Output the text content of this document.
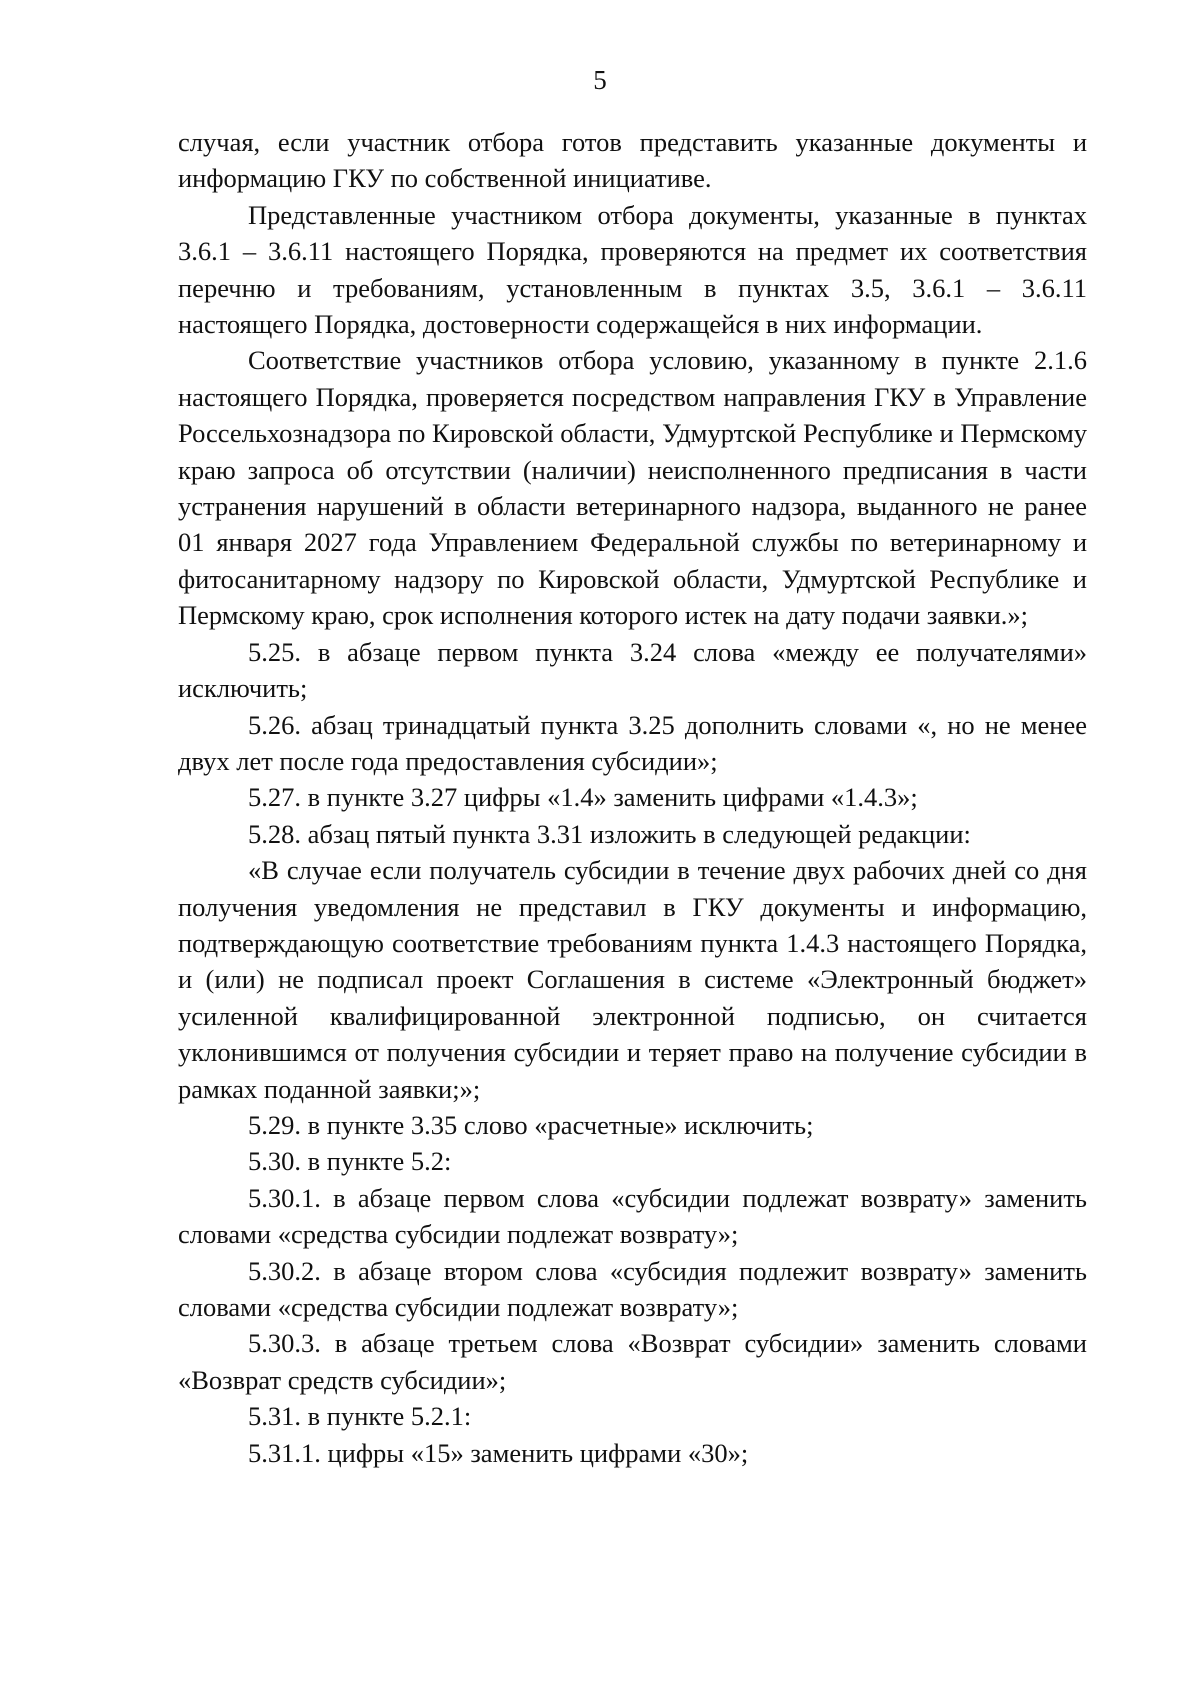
5

случая, если участник отбора готов представить указанные документы и информацию ГКУ по собственной инициативе.

Представленные участником отбора документы, указанные в пунктах 3.6.1 – 3.6.11 настоящего Порядка, проверяются на предмет их соответствия перечню и требованиям, установленным в пунктах 3.5, 3.6.1 – 3.6.11 настоящего Порядка, достоверности содержащейся в них информации.

Соответствие участников отбора условию, указанному в пункте 2.1.6 настоящего Порядка, проверяется посредством направления ГКУ в Управление Россельхознадзора по Кировской области, Удмуртской Республике и Пермскому краю запроса об отсутствии (наличии) неисполненного предписания в части устранения нарушений в области ветеринарного надзора, выданного не ранее 01 января 2027 года Управлением Федеральной службы по ветеринарному и фитосанитарному надзору по Кировской области, Удмуртской Республике и Пермскому краю, срок исполнения которого истек на дату подачи заявки.»;

5.25. в абзаце первом пункта 3.24 слова «между ее получателями» исключить;

5.26. абзац тринадцатый пункта 3.25 дополнить словами «, но не менее двух лет после года предоставления субсидии»;

5.27. в пункте 3.27 цифры «1.4» заменить цифрами «1.4.3»;

5.28. абзац пятый пункта 3.31 изложить в следующей редакции:

«В случае если получатель субсидии в течение двух рабочих дней со дня получения уведомления не представил в ГКУ документы и информацию, подтверждающую соответствие требованиям пункта 1.4.3 настоящего Порядка, и (или) не подписал проект Соглашения в системе «Электронный бюджет» усиленной квалифицированной электронной подписью, он считается уклонившимся от получения субсидии и теряет право на получение субсидии в рамках поданной заявки;»;

5.29. в пункте 3.35 слово «расчетные» исключить;

5.30. в пункте 5.2:

5.30.1. в абзаце первом слова «субсидии подлежат возврату» заменить словами «средства субсидии подлежат возврату»;

5.30.2. в абзаце втором слова «субсидия подлежит возврату» заменить словами «средства субсидии подлежат возврату»;

5.30.3. в абзаце третьем слова «Возврат субсидии» заменить словами «Возврат средств субсидии»;

5.31. в пункте 5.2.1:

5.31.1. цифры «15» заменить цифрами «30»;
